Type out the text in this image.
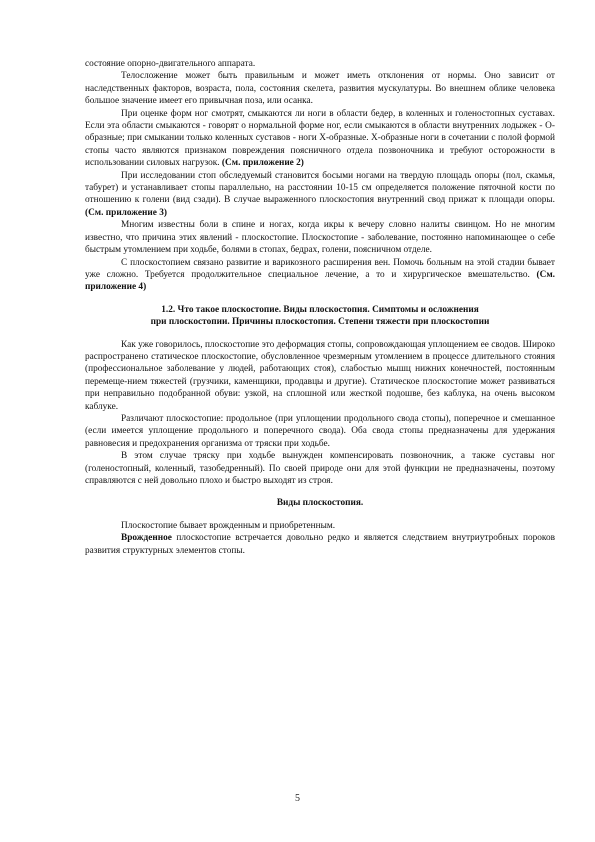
состояние опорно-двигательного аппарата.

Телосложение может быть правильным и может иметь отклонения от нормы. Оно зависит от наследственных факторов, возраста, пола, состояния скелета, развития мускулатуры. Во внешнем облике человека большое значение имеет его привычная поза, или осанка.

При оценке форм ног смотрят, смыкаются ли ноги в области бедер, в коленных и голеностопных суставах. Если эта области смыкаются - говорят о нормальной форме ног, если смыкаются в области внутренних лодыжек - О-образные; при смыкании только коленных суставов - ноги Х-образные. Х-образные ноги в сочетании с полой формой стопы часто являются признаком повреждения поясничного отдела позвоночника и требуют осторожности в использовании силовых нагрузок. (См. приложение 2)

При исследовании стоп обследуемый становится босыми ногами на твердую площадь опоры (пол, скамья, табурет) и устанавливает стопы параллельно, на расстоянии 10-15 см определяется положение пяточной кости по отношению к голени (вид сзади). В случае выраженного плоскостопия внутренний свод прижат к площади опоры. (См. приложение 3)

Многим известны боли в спине и ногах, когда икры к вечеру словно налиты свинцом. Но не многим известно, что причина этих явлений - плоскостопие. Плоскостопие - заболевание, постоянно напоминающее о себе быстрым утомлением при ходьбе, болями в стопах, бедрах, голени, поясничном отделе.

С плоскостопием связано развитие и варикозного расширения вен. Помочь больным на этой стадии бывает уже сложно. Требуется продолжительное специальное лечение, а то и хирургическое вмешательство. (См. приложение 4)

1.2. Что такое плоскостопие. Виды плоскостопия. Симптомы и осложнения

при плоскостопии. Причины плоскостопия. Степени тяжести при плоскостопии

Как уже говорилось, плоскостопие это деформация стопы, сопровождающая уплощением ее сводов. Широко распространено статическое плоскостопие, обусловленное чрезмерным утомлением в процессе длительного стояния (профессиональное заболевание у людей, работающих стоя), слабостью мышц нижних конечностей, постоянным перемеще-нием тяжестей (грузчики, каменщики, продавцы и другие). Статическое плоскостопие может развиваться при неправильно подобранной обуви: узкой, на сплошной или жесткой подошве, без каблука, на очень высоком каблуке.

Различают плоскостопие: продольное (при уплощении продольного свода стопы), поперечное и смешанное (если имеется уплощение продольного и поперечного свода). Оба свода стопы предназначены для удержания равновесия и предохранения организма от тряски при ходьбе.

В этом случае тряску при ходьбе вынужден компенсировать позвоночник, а также суставы ног (голеностопный, коленный, тазобедренный). По своей природе они для этой функции не предназначены, поэтому справляются с ней довольно плохо и быстро выходят из строя.

Виды плоскостопия.

Плоскостопие бывает врожденным и приобретенным.

Врожденное плоскостопие встречается довольно редко и является следствием внутриутробных пороков развития структурных элементов стопы.

5
